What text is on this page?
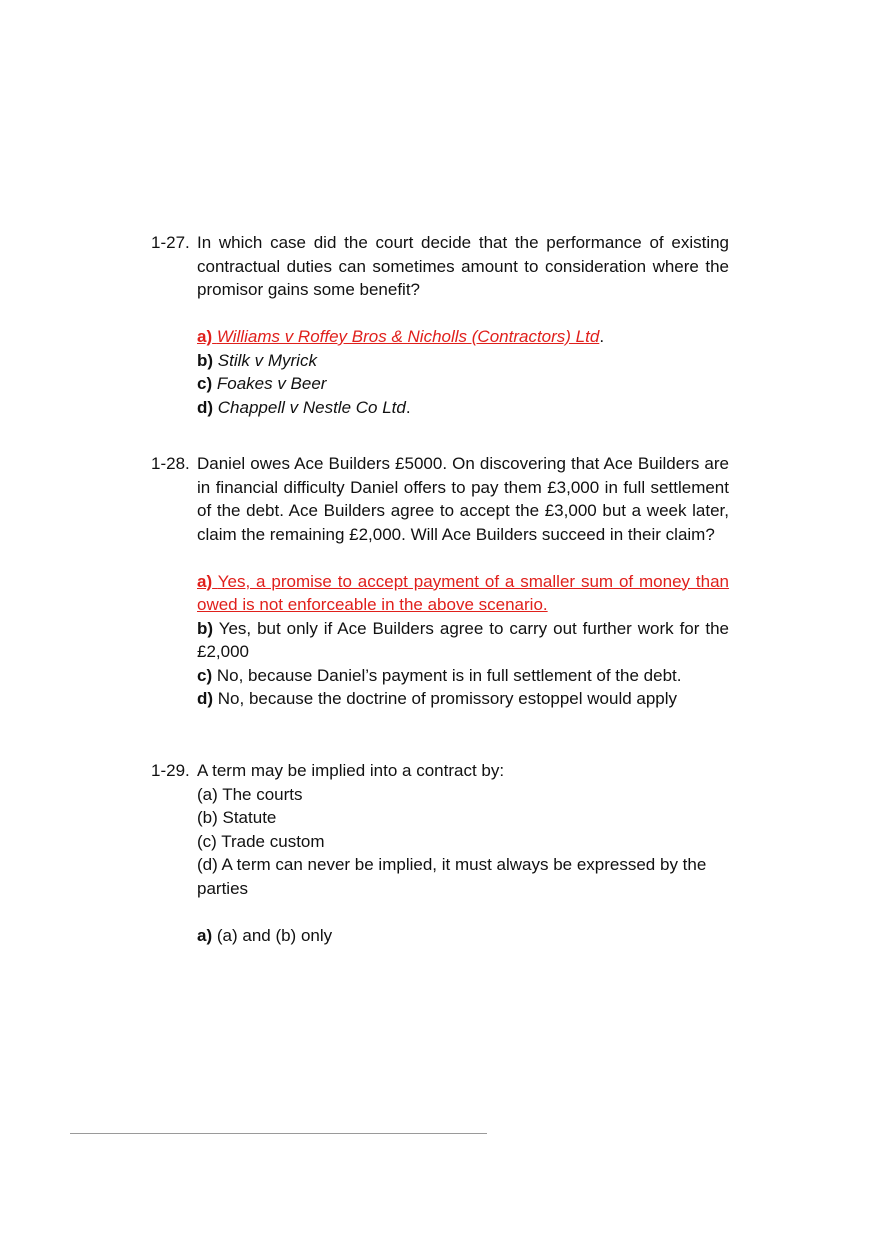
1-27. In which case did the court decide that the performance of existing contractual duties can sometimes amount to consideration where the promisor gains some benefit?
a) Williams v Roffey Bros & Nicholls (Contractors) Ltd.
b) Stilk v Myrick
c) Foakes v Beer
d) Chappell v Nestle Co Ltd.
1-28. Daniel owes Ace Builders £5000. On discovering that Ace Builders are in financial difficulty Daniel offers to pay them £3,000 in full settlement of the debt. Ace Builders agree to accept the £3,000 but a week later, claim the remaining £2,000. Will Ace Builders succeed in their claim?
a) Yes, a promise to accept payment of a smaller sum of money than owed is not enforceable in the above scenario.
b) Yes, but only if Ace Builders agree to carry out further work for the £2,000
c) No, because Daniel’s payment is in full settlement of the debt.
d) No, because the doctrine of promissory estoppel would apply
1-29. A term may be implied into a contract by:
(a) The courts
(b) Statute
(c) Trade custom
(d) A term can never be implied, it must always be expressed by the parties
a) (a) and (b) only
